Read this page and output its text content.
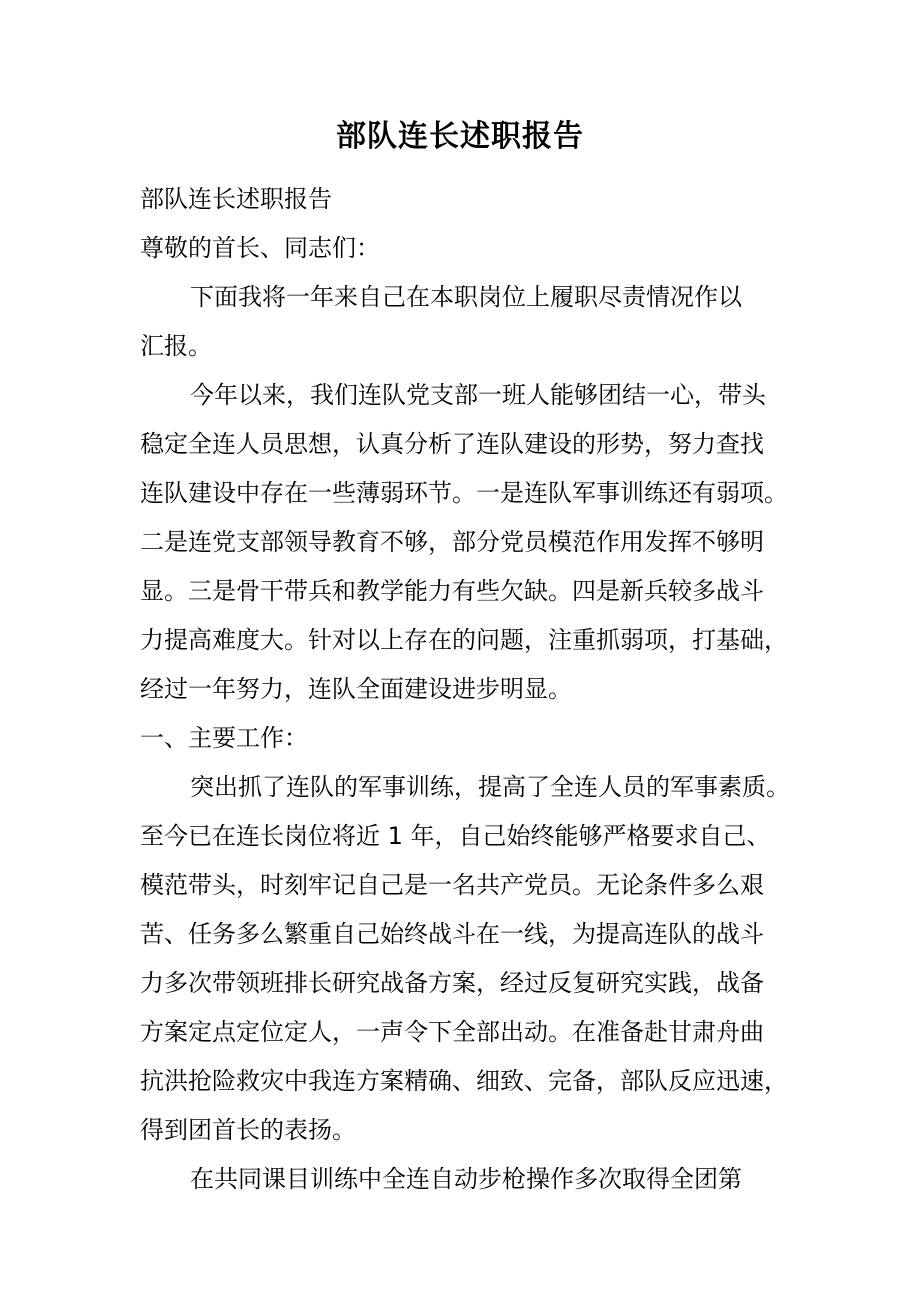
部队连长述职报告
部队连长述职报告
尊敬的首长、同志们：
下面我将一年来自己在本职岗位上履职尽责情况作以
汇报。
今年以来，我们连队党支部一班人能够团结一心，带头
稳定全连人员思想，认真分析了连队建设的形势，努力查找
连队建设中存在一些薄弱环节。一是连队军事训练还有弱项。
二是连党支部领导教育不够，部分党员模范作用发挥不够明
显。三是骨干带兵和教学能力有些欠缺。四是新兵较多战斗
力提高难度大。针对以上存在的问题，注重抓弱项，打基础，
经过一年努力，连队全面建设进步明显。
一、主要工作：
突出抓了连队的军事训练，提高了全连人员的军事素质。
至今已在连长岗位将近 1 年，自己始终能够严格要求自己、
模范带头，时刻牢记自己是一名共产党员。无论条件多么艰
苦、任务多么繁重自己始终战斗在一线，为提高连队的战斗
力多次带领班排长研究战备方案，经过反复研究实践，战备
方案定点定位定人，一声令下全部出动。在准备赴甘肃舟曲
抗洪抢险救灾中我连方案精确、细致、完备，部队反应迅速，
得到团首长的表扬。
在共同课目训练中全连自动步枪操作多次取得全团第
